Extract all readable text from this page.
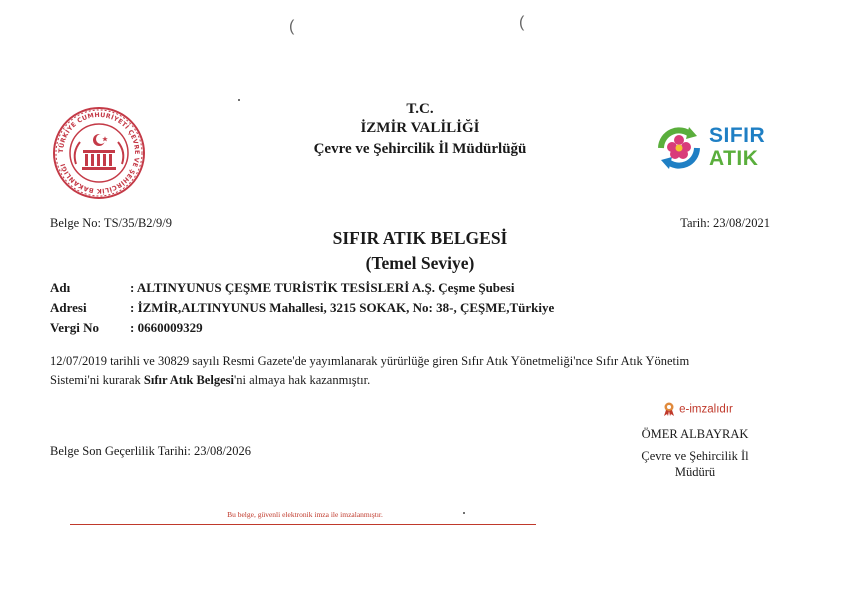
(	(
TÜRKİYE CUMHURİYETİ ÇEVRE VE ŞEHİRCİLİK BAKANLIĞI
T.C.
İZMİR VALİLİĞİ
Çevre ve Şehircilik İl Müdürlüğü
SIFIR
ATIK
Belge No: TS/35/B2/9/9	Tarih: 23/08/2021
SIFIR ATIK BELGESİ
(Temel Seviye)
Adı	: ALTINYUNUS ÇEŞME TURİSTİK TESİSLERİ A.Ş. Çeşme Şubesi
Adresi	: İZMİR,ALTINYUNUS Mahallesi, 3215 SOKAK, No: 38-, ÇEŞME,Türkiye
Vergi No : 0660009329
12/07/2019 tarihli ve 30829 sayılı Resmi Gazete'de yayımlanarak yürürlüğe giren Sıfır Atık Yönetmeliği'nce Sıfır Atık Yönetim
Sistemi'ni kurarak Sıfır Atık Belgesi'ni almaya hak kazanmıştır.
e-imzalıdır
ÖMER ALBAYRAK
Çevre ve Şehircilik İl
Müdürü
Belge Son Geçerlilik Tarihi: 23/08/2026
Bu belge, güvenli elektronik imza ile imzalanmıştır.
